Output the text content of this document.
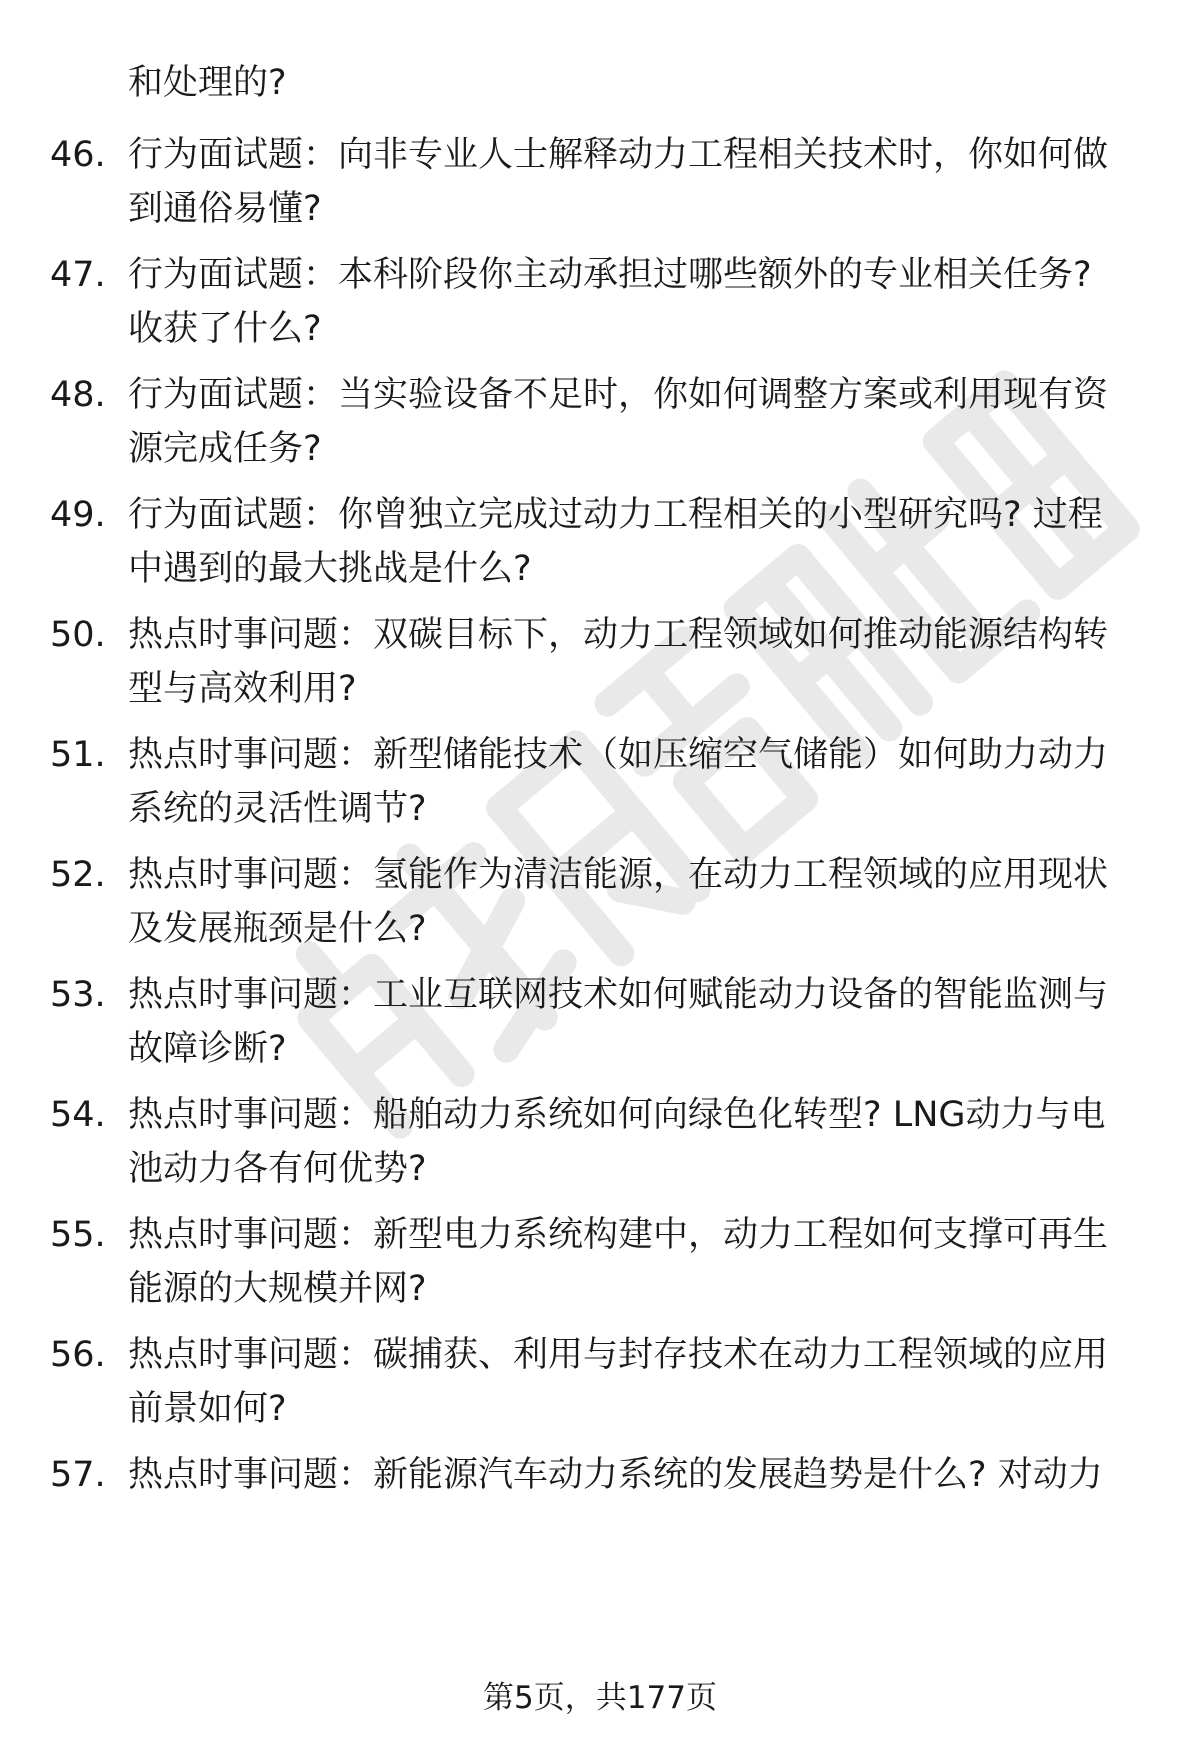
和处理的?
46. 行为面试题：向非专业人士解释动力工程相关技术时，你如何做
到通俗易懂?
47. 行为面试题：本科阶段你主动承担过哪些额外的专业相关任务?
收获了什么?
48. 行为面试题：当实验设备不足时，你如何调整方案或利用现有资
源完成任务?
49. 行为面试题：你曾独立完成过动力工程相关的小型研究吗? 过程
中遇到的最大挑战是什么?
50. 热点时事问题：双碳目标下，动力工程领域如何推动能源结构转
型与高效利用?
51. 热点时事问题：新型储能技术（如压缩空气储能）如何助力动力
系统的灵活性调节?
52. 热点时事问题：氢能作为清洁能源，在动力工程领域的应用现状
及发展瓶颈是什么?
53. 热点时事问题：工业互联网技术如何赋能动力设备的智能监测与
故障诊断?
54. 热点时事问题：船舶动力系统如何向绿色化转型? LNG动力与电
池动力各有何优势?
55. 热点时事问题：新型电力系统构建中，动力工程如何支撑可再生
能源的大规模并网?
56. 热点时事问题：碳捕获、利用与封存技术在动力工程领域的应用
前景如何?
57. 热点时事问题：新能源汽车动力系统的发展趋势是什么? 对动力
第5页，共177页
